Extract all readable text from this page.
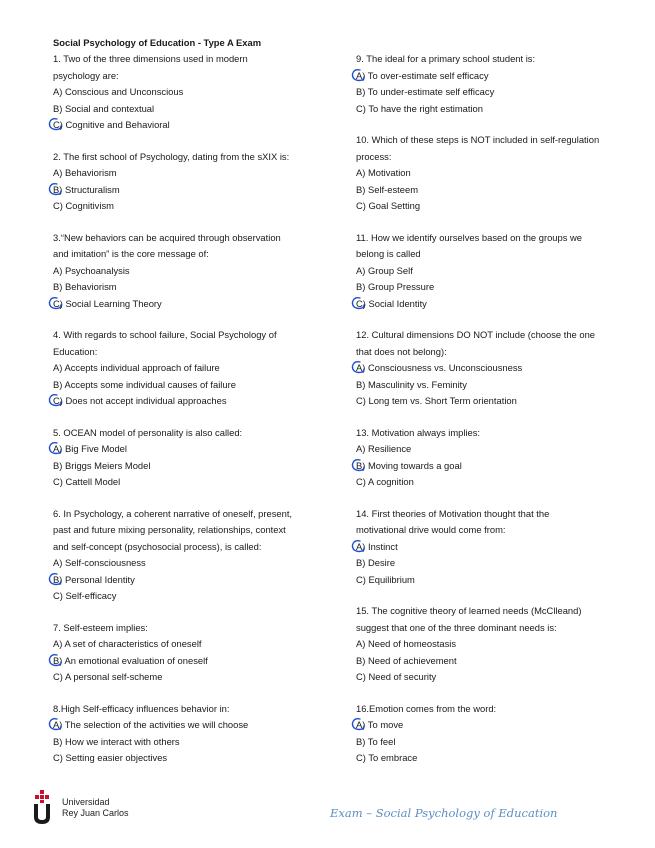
Social Psychology of Education - Type A Exam
1. Two of the three dimensions used in modern
psychology are:
A) Conscious and Unconscious
B) Social and contextual
C) Cognitive and Behavioral
2. The first school of Psychology, dating from the sXIX is:
A) Behaviorism
B) Structuralism
C) Cognitivism
3.“New behaviors can be acquired through observation
and imitation” is the core message of:
A) Psychoanalysis
B) Behaviorism
C) Social Learning Theory
4. With regards to school failure, Social Psychology of
Education:
A) Accepts individual approach of failure
B) Accepts some individual causes of failure
C) Does not accept individual approaches
5. OCEAN model of personality is also called:
A) Big Five Model
B) Briggs Meiers Model
C) Cattell Model
6. In Psychology, a coherent narrative of oneself, present,
past and future mixing personality, relationships, context
and self-concept (psychosocial process), is called:
A) Self-consciousness
B) Personal Identity
C) Self-efficacy
7. Self-esteem implies:
A) A set of characteristics of oneself
B) An emotional evaluation of oneself
C) A personal self-scheme
8.High Self-efficacy influences behavior in:
A) The selection of the activities we will choose
B) How we interact with others
C) Setting easier objectives
9. The ideal for a primary school student is:
A) To over-estimate self efficacy
B) To under-estimate self efficacy
C) To have the right estimation
10. Which of these steps is NOT included in self-regulation
process:
A) Motivation
B) Self-esteem
C) Goal Setting
11. How we identify ourselves based on the groups we
belong is called
A) Group Self
B) Group Pressure
C) Social Identity
12. Cultural dimensions DO NOT include (choose the one
that does not belong):
A) Consciousness vs. Unconsciousness
B) Masculinity vs. Feminity
C) Long tem vs. Short Term orientation
13. Motivation always implies:
A) Resilience
B) Moving towards a goal
C) A cognition
14. First theories of Motivation thought that the
motivational drive would come from:
A) Instinct
B) Desire
C) Equilibrium
15. The cognitive theory of learned needs (McClleand)
suggest that one of the three dominant needs is:
A) Need of homeostasis
B) Need of achievement
C) Need of security
16.Emotion comes from the word:
A) To move
B) To feel
C) To embrace
Universidad
Rey Juan Carlos	Exam – Social Psychology of Education
